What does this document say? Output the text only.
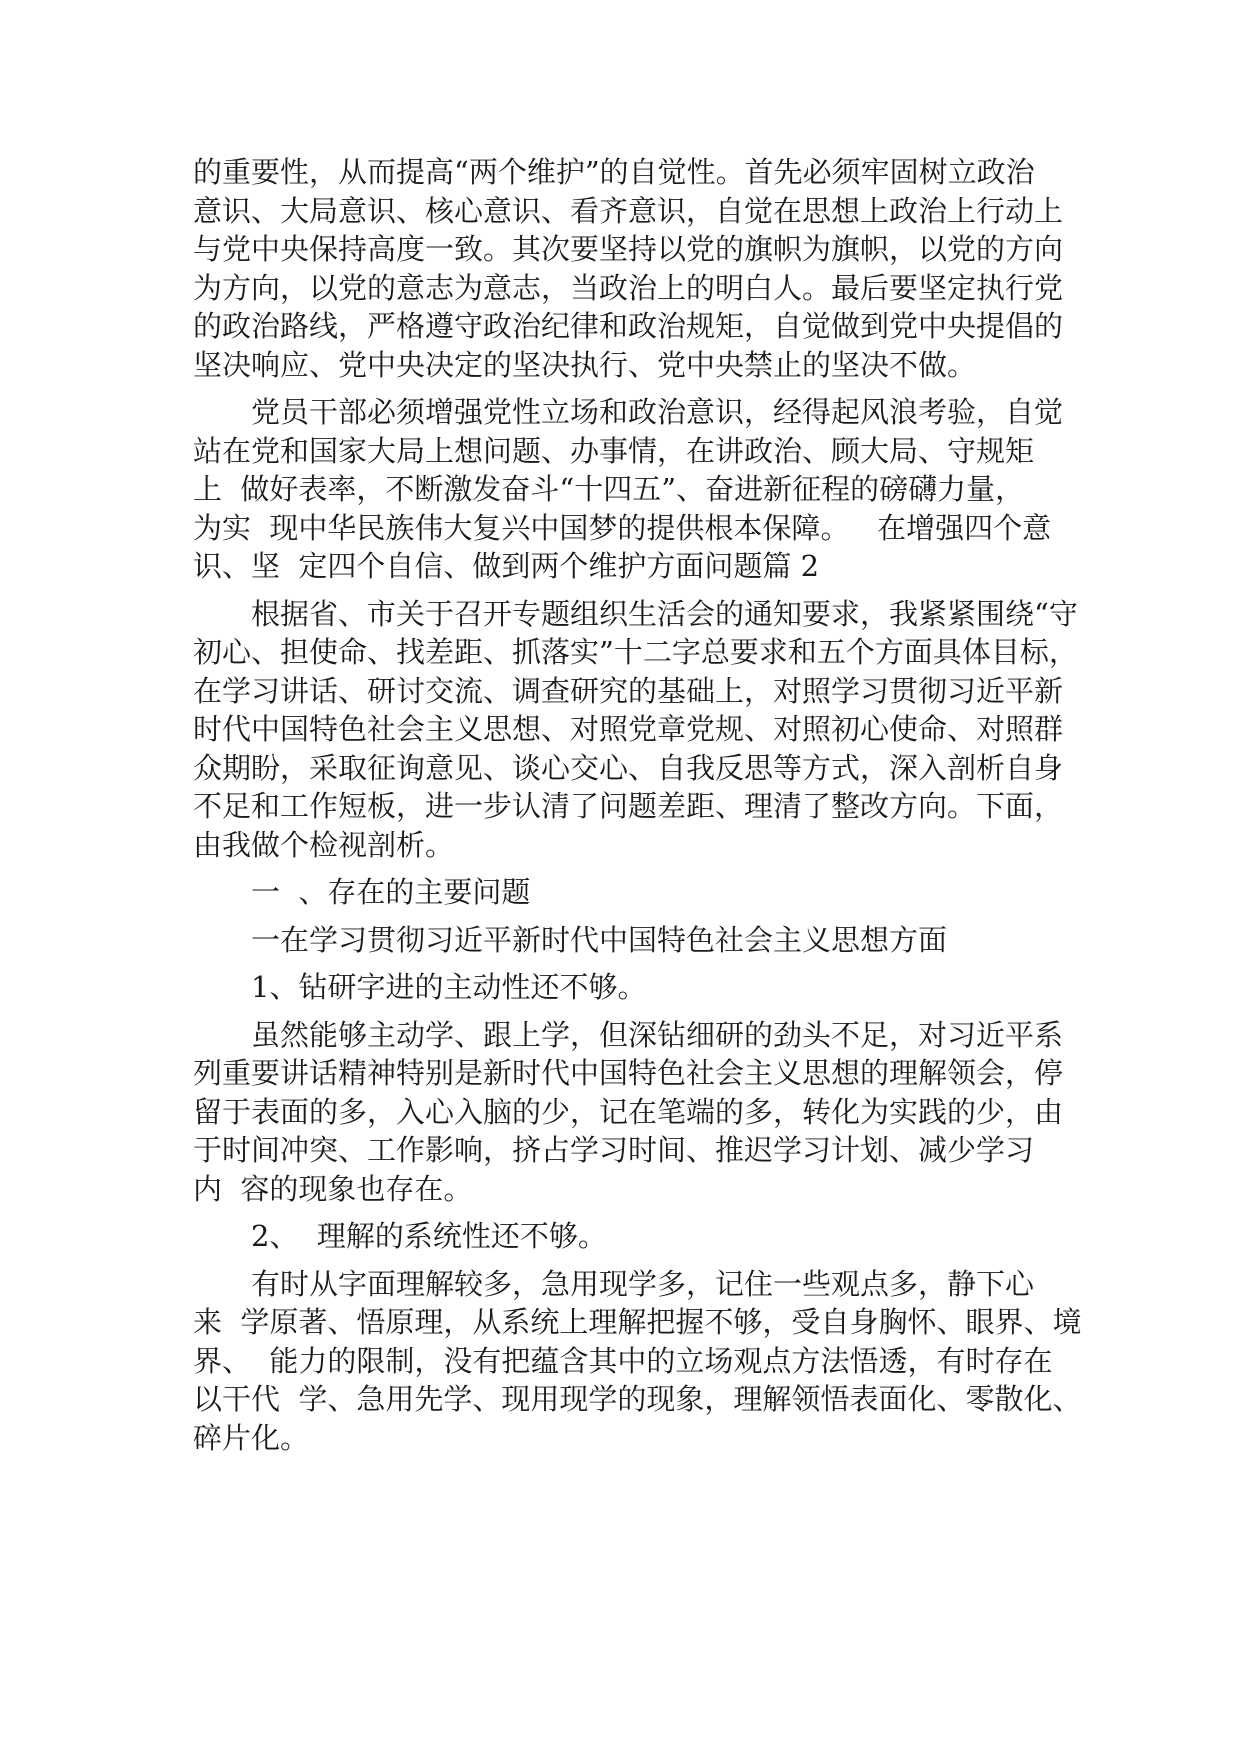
的重要性，从而提高“两个维护”的自觉性。首先必须牢固树立政治
意识、大局意识、核心意识、看齐意识，自觉在思想上政治上行动上
与党中央保持高度一致。其次要坚持以党的旗帜为旗帜，以党的方向
为方向，以党的意志为意志，当政治上的明白人。最后要坚定执行党
的政治路线，严格遵守政治纪律和政治规矩，自觉做到党中央提倡的
坚决响应、党中央决定的坚决执行、党中央禁止的坚决不做。
党员干部必须增强党性立场和政治意识，经得起风浪考验，自觉
站在党和国家大局上想问题、办事情，在讲政治、顾大局、守规矩
上  做好表率，不断激发奋斗“十四五”、奋进新征程的磅礴力量，
为实  现中华民族伟大复兴中国梦的提供根本保障。   在增强四个意
识、坚  定四个自信、做到两个维护方面问题篇 2
根据省、市关于召开专题组织生活会的通知要求，我紧紧围绕“守
初心、担使命、找差距、抓落实”十二字总要求和五个方面具体目标，
在学习讲话、研讨交流、调查研究的基础上，对照学习贯彻习近平新
时代中国特色社会主义思想、对照党章党规、对照初心使命、对照群
众期盼，采取征询意见、谈心交心、自我反思等方式，深入剖析自身
不足和工作短板，进一步认清了问题差距、理清了整改方向。下面，
由我做个检视剖析。
一  、存在的主要问题
一在学习贯彻习近平新时代中国特色社会主义思想方面
1、钻研字进的主动性还不够。
虽然能够主动学、跟上学，但深钻细研的劲头不足，对习近平系
列重要讲话精神特别是新时代中国特色社会主义思想的理解领会，停
留于表面的多，入心入脑的少，记在笔端的多，转化为实践的少，由
于时间冲突、工作影响，挤占学习时间、推迟学习计划、减少学习
内  容的现象也存在。
2、  理解的系统性还不够。
有时从字面理解较多，急用现学多，记住一些观点多，静下心
来  学原著、悟原理，从系统上理解把握不够，受自身胸怀、眼界、境
界、  能力的限制，没有把蕴含其中的立场观点方法悟透，有时存在
以干代  学、急用先学、现用现学的现象，理解领悟表面化、零散化、
碎片化。
